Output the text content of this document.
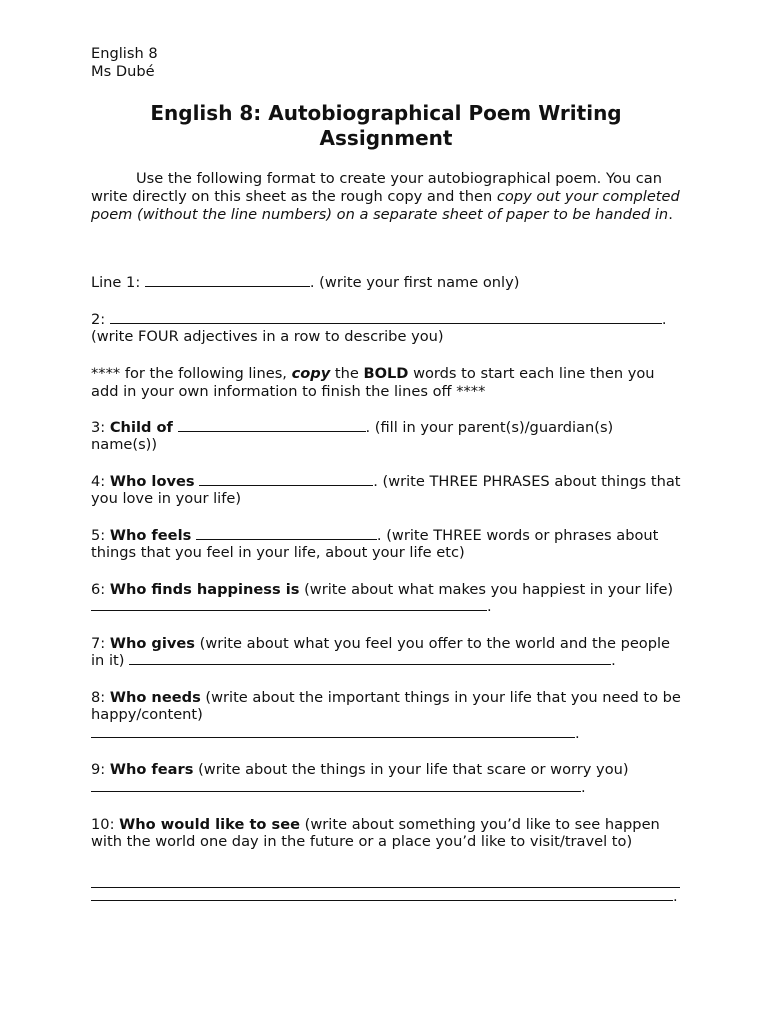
English 8
Ms Dubé
English 8: Autobiographical Poem Writing Assignment
Use the following format to create your autobiographical poem. You can write directly on this sheet as the rough copy and then copy out your completed poem (without the line numbers) on a separate sheet of paper to be handed in.
Line 1:	. (write your first name only)
2:	.
(write FOUR adjectives in a row to describe you)
**** for the following lines, copy the BOLD words to start each line then you add in your own information to finish the lines off ****
3: Child of	. (fill in your parent(s)/guardian(s) name(s))
4: Who loves	. (write THREE PHRASES about things that you love in your life)
5: Who feels	. (write THREE words or phrases about things that you feel in your life, about your life etc)
6: Who finds happiness is (write about what makes you happiest in your life) .
7: Who gives (write about what you feel you offer to the world and the people in it)	.
8: Who needs (write about the important things in your life that you need to be happy/content)
.
9: Who fears (write about the things in your life that scare or worry you)
.
10: Who would like to see (write about something you’d like to see happen with the world one day in the future or a place you’d like to visit/travel to)
.
